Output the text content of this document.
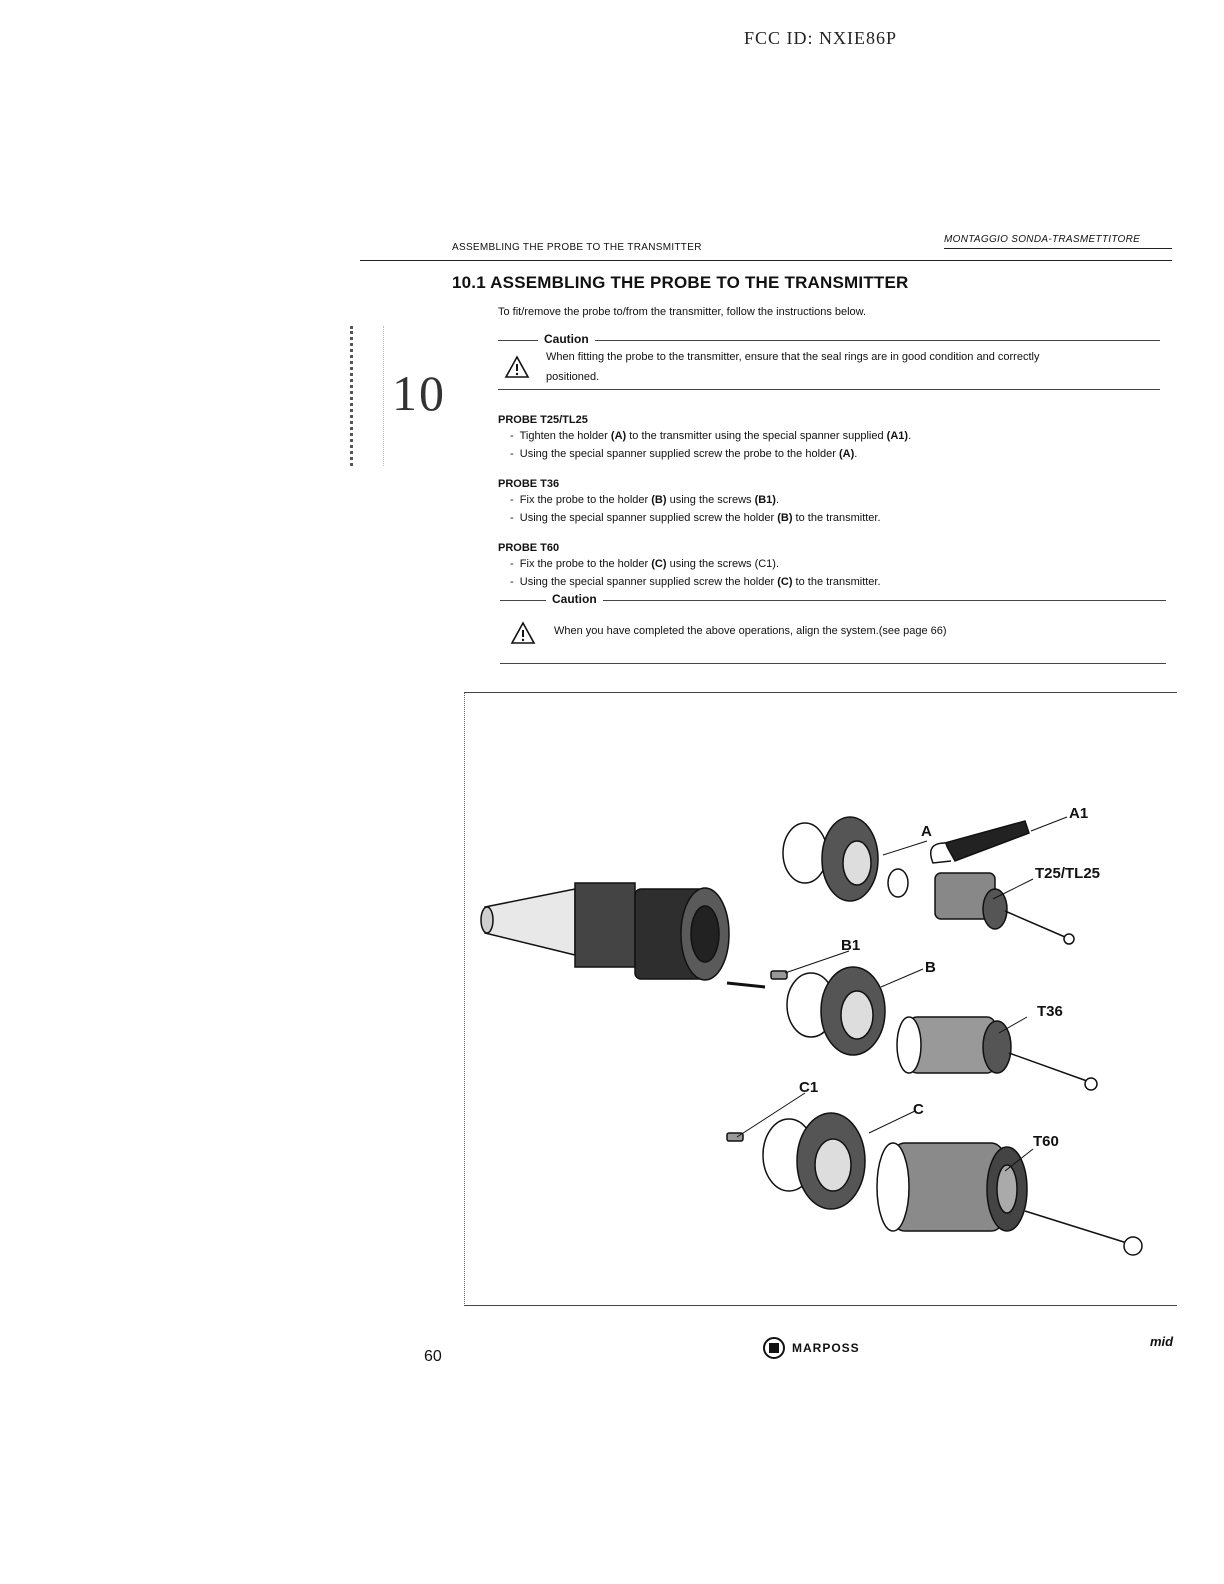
FCC ID: NXIE86P
ASSEMBLING THE PROBE TO THE TRANSMITTER
MONTAGGIO SONDA-TRASMETTITORE
10
10.1 ASSEMBLING THE PROBE TO THE TRANSMITTER
To fit/remove the probe to/from the transmitter, follow the instructions below.
Caution
When fitting the probe to the transmitter, ensure that the seal rings are in good condition and correctly
positioned.
PROBE T25/TL25
-  Tighten the holder (A) to the transmitter using the special spanner supplied (A1).
-  Using the special spanner supplied screw the probe to the holder (A).
PROBE T36
-  Fix the probe to the holder (B) using the screws (B1).
-  Using the special spanner supplied screw the holder (B) to the transmitter.
PROBE T60
-  Fix the probe to the holder (C) using the screws (C1).
-  Using the special spanner supplied screw the holder (C) to the transmitter.
Caution
When you have completed the above operations, align the system.(see page 66)
A1
A
T25/TL25
B1
B
T36
C1
C
T60
60	MARPOSS	mid
